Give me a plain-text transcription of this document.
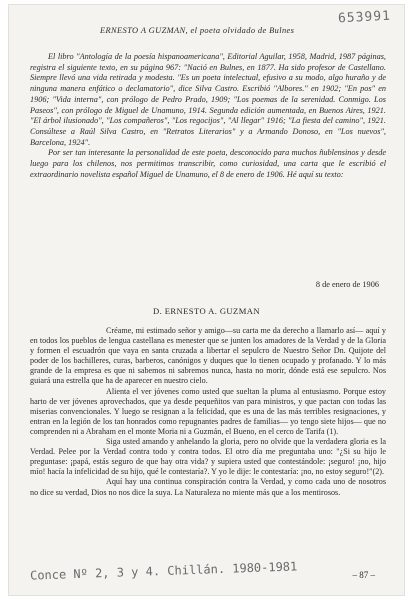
653991
ERNESTO A GUZMAN, el poeta olvidado de Bulnes

El libro "Antología de la poesía hispanoamericana", Editorial Aguilar, 1958, Madrid, 1987 páginas, registra el siguiente texto, en su página 967: "Nació en Bulnes, en 1877. Ha sido profesor de Castellano. Siempre llevó una vida retirada y modesta. "Es un poeta intelectual, efusivo a su modo, algo huraño y de ninguna manera enfático o declamatorio", dice Silva Castro. Escribió "Albores." en 1902; "En pos" en 1906; "Vida interna", con prólogo de Pedro Prado, 1909; "Los poemas de la serenidad. Conmigo. Los Paseos", con prólogo de Miguel de Unamuno, 1914. Segunda edición aumentada, en Buenos Aires, 1921. "El árbol ilusionado", "Los compañeros", "Los regocijos", "Al llegar" 1916; "La fiesta del camino", 1921. Consúltese a Raúl Silva Castro, en "Retratos Literarios" y a Armando Donoso, en "Los nuevos", Barcelona, 1924".

Por ser tan interesante la personalidad de este poeta, desconocido para muchos ñublensinos y desde luego para los chilenos, nos permitimos transcribir, como curiosidad, una carta que le escribió el extraordinario novelista español Miguel de Unamuno, el 8 de enero de 1906. Hé aquí su texto:

8 de enero de 1906
D. ERNESTO A. GUZMAN

Créame, mi estimado señor y amigo—su carta me da derecho a llamarlo así— aquí y en todos los pueblos de lengua castellana es menester que se junten los amadores de la Verdad y de la Gloria y formen el escuadrón que vaya en santa cruzada a libertar el sepulcro de Nuestro Señor Dn. Quijote del poder de los bachilleres, curas, barberos, canónigos y duques que lo tienen ocupado y profanado. Y lo más grande de la empresa es que ni sabemos ni sabremos nunca, hasta no morir, dónde está ese sepulcro. Nos guiará una estrella que ha de aparecer en nuestro cielo.

Alienta el ver jóvenes como usted que sueltan la pluma al entusiasmo. Porque estoy harto de ver jóvenes aprovechados, que ya desde pequeñitos van para ministros, y que pactan con todas las miserias convencionales. Y luego se resignan a la felicidad, que es una de las más terribles resignaciones, y entran en la legión de los tan honrados como repugnantes padres de familias— yo tengo siete hijos— que no comprenden ni a Abraham en el monte Moria ni a Guzmán, el Bueno, en el cerco de Tarifa (1).

Siga usted amando y anhelando la gloria, pero no olvide que la verdadera gloria es la Verdad. Pelee por la Verdad contra todo y contra todos. El otro día me preguntaba uno: "¿Si su hijo le preguntase: ¡papá, estás seguro de que hay otra vida? y supiera usted que contestándole: ¡seguro! ¡no, hijo mío! hacía la infelicidad de su hijo, qué le contestaría?. Y yo le dije: le contestaría: ¡no, no estoy seguro!"(2).

Aquí hay una continua conspiración contra la Verdad, y como cada uno de nosotros no dice su verdad, Dios no nos dice la suya. La Naturaleza no miente más que a los mentirosos.

Conce Nº 2, 3 y 4. Chillán. 1980-1981	– 87 –
